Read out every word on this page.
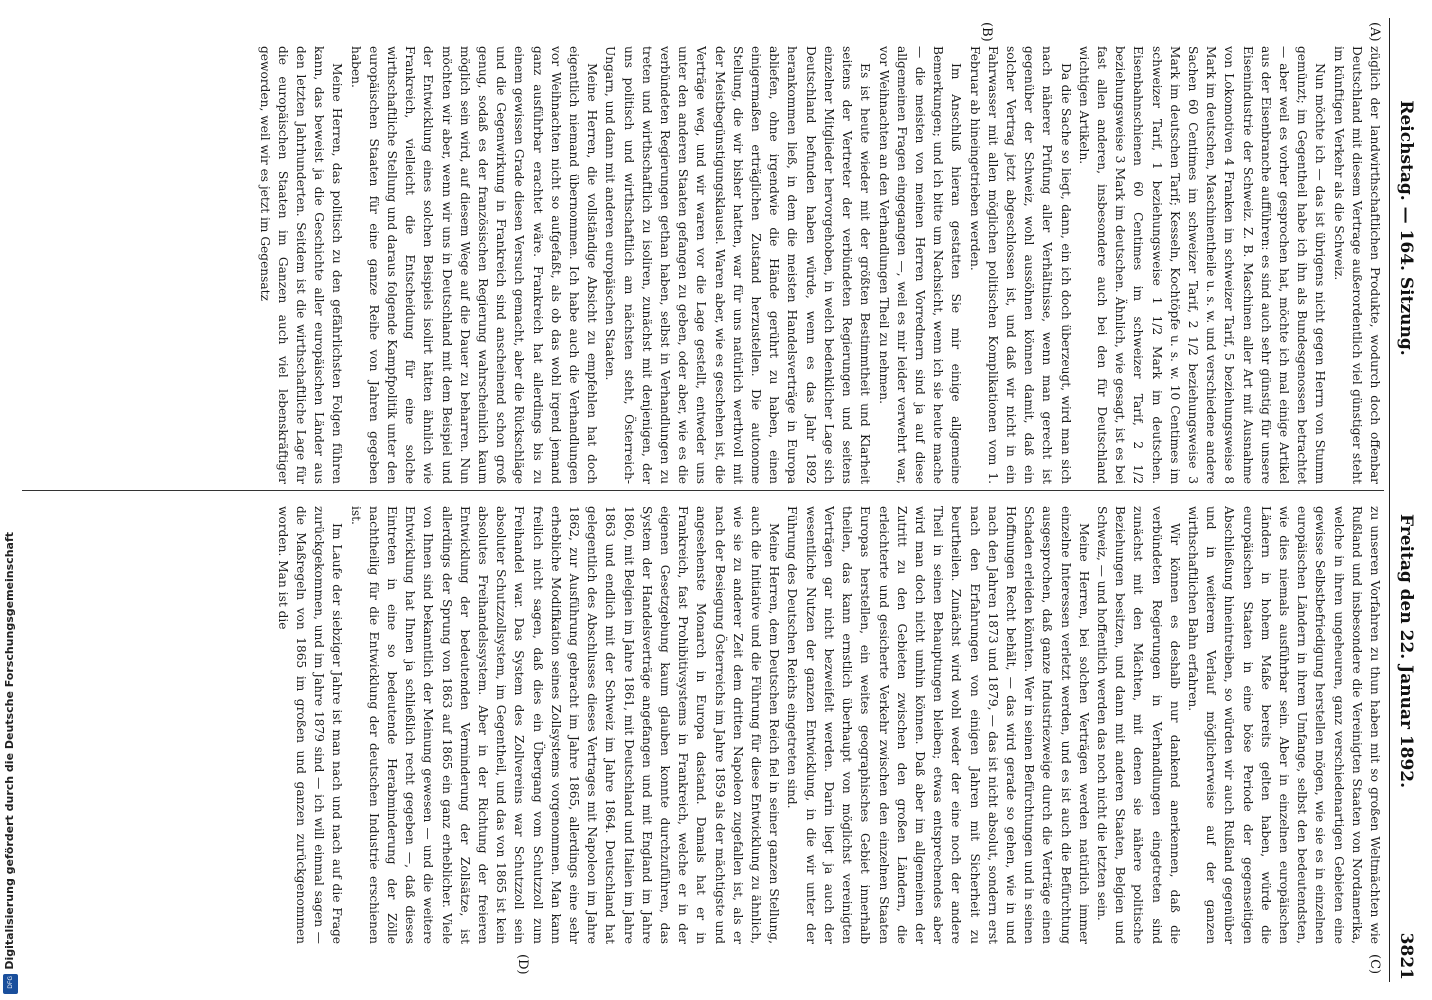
Reichstag. — 164. Sitzung.
Freitag den 22. Januar 1892.
3821
(A)
(B)
(C)
(D)

züglich der landwirthschaftlichen Produkte, wodurch doch offenbar Deutschland mit diesem Vertrage außerordentlich viel günstiger steht im künftigen Verkehr als die Schweiz.

Nun möchte ich — das ist übrigens nicht gegen Herrn von Stumm gemünzt; im Gegentheil habe ich ihn als Bundesgenossen betrachtet — aber weil es vorher gesprochen hat, möchte ich mal einige Artikel aus der Eisenbranche aufführen: es sind auch sehr günstig für unsere Eisenindustrie der Schweiz. Z. B. Maschinen aller Art mit Ausnahme von Lokomotiven 4 Franken im schweizer Tarif, 5 beziehungsweise 8 Mark im deutschen, Maschinentheile u. s. w. und verschiedene andere Sachen 60 Centimes im schweizer Tarif, 2 1/2 beziehungsweise 3 Mark im deutschen Tarif; Kesseln, Kochtöpfe u. s. w. 10 Centimes im schweizer Tarif, 1 beziehungsweise 1 1/2 Mark im deutschen. Eisenbahnschienen 60 Centimes im schweizer Tarif, 2 1/2 beziehungsweise 3 Mark im deutschen. Ähnlich, wie gesagt, ist es bei fast allen anderen, insbesondere auch bei den für Deutschland wichtigen Artikeln.

Da die Sache so liegt, dann, ein ich doch überzeugt, wird man sich nach näherer Prüfung aller Verhältnisse, wenn man gerecht ist gegenüber der Schweiz, wohl aussöhnen können damit, daß ein solcher Vertrag jetzt abgeschlossen ist, und daß wir nicht in ein Fahrwasser mit allen möglichen politischen Komplikationen vom 1. Februar ab hineingetrieben werden.

Im Anschluß hieran gestatten Sie mir einige allgemeine Bemerkungen; und ich bitte um Nachsicht, wenn ich sie heute mache — die meisten von meinen Herren Vorrednern sind ja auf diese allgemeinen Fragen eingegangen —, weil es mir leider verwehrt war, vor Weihnachten an den Verhandlungen Theil zu nehmen.

Es ist heute wieder mit der größten Bestimmtheit und Klarheit seitens der Vertreter der verbündeten Regierungen und seitens einzelner Mitglieder hervorgehoben, in welch bedenklicher Lage sich Deutschland befunden haben würde, wenn es das Jahr 1892 herankommen ließ, in dem die meisten Handelsverträge in Europa abliefen, ohne irgendwie die Hände gerührt zu haben, einen einigermaßen erträglichen Zustand herzustellen. Die autonome Stellung, die wir bisher hatten, war für uns natürlich werthvoll mit der Meistbegünstigungsklausel. Waren aber, wie es geschehen ist, die Verträge weg, und wir waren vor die Lage gestellt, entweder uns unter den anderen Staaten gefangen zu geben, oder aber, wie es die verbündeten Regierungen gethan haben, selbst in Verhandlungen zu treten und wirthschaftlich zu isoliren, zunächst mit denjenigen, der uns politisch und wirthschaftlich am nächsten steht, Österreich-Ungarn, und dann mit anderen europäischen Staaten.

Meine Herren, die vollständige Absicht zu empfehlen hat doch eigentlich niemand übernommen. Ich habe auch die Verhandlungen vor Weihnachten nicht so aufgefaßt, als ob das wohl irgend jemand ganz ausführbar erachtet wäre. Frankreich hat allerdings bis zu einem gewissen Grade diesen Versuch gemacht, aber die Rückschläge und die Gegenwirkung in Frankreich sind anscheinend schon groß genug, sodaß es der französischen Regierung wahrscheinlich kaum möglich sein wird, auf diesem Wege auf die Dauer zu beharren. Nun möchten wir aber, wenn wir uns in Deutschland mit dem Beispiel und der Entwicklung eines solchen Beispiels isolirt hätten ähnlich wie Frankreich, vielleicht die Entscheidung für eine solche wirthschaftliche Stellung und daraus folgende Kampfpolitik unter den europäischen Staaten für eine ganze Reihe von Jahren gegeben haben.

Meine Herren, das politisch zu den gefährlichsten Folgen führen kann, das beweist ja die Geschichte aller europäischen Länder aus den letzten Jahrhunderten. Seitdem ist die wirthschaftliche Lage für die europäischen Staaten im Ganzen auch viel lebenskräftiger geworden, weil wir es jetzt im Gegensatz

zu unseren Vorfahren zu thun haben mit so großen Weltmächten wie Rußland und insbesondere die Vereinigten Staaten von Nordamerika, welche in ihren ungeheuren, ganz verschiedenartigen Gebieten eine gewisse Selbstbefriedigung herstellen mögen, wie sie es in einzelnen europäischen Ländern in ihrem Umfange, selbst den bedeutendsten, wie dies niemals ausführbar sein. Aber in einzelnen europäischen Ländern in hohem Maße bereits gelten haben, würde die europäischen Staaten in eine böse Periode der gegenseitigen Abschließung hineintreiben, so würden wir auch Rußland gegenüber und in weiterem Verlauf möglicherweise auf der ganzen wirthschaftlichen Bahn erfahren.

Wir können es deshalb nur dankend anerkennen, daß die verbündeten Regierungen in Verhandlungen eingetreten sind zunächst mit den Mächten, mit denen sie nähere politische Beziehungen besitzen, und dann mit anderen Staaten, Belgien und Schweiz, — und hoffentlich werden das noch nicht die letzten sein.

Meine Herren, bei solchen Verträgen werden natürlich immer einzelne Interessen verletzt werden, und es ist auch die Befürchtung ausgesprochen, daß ganze Industriezweige durch die Verträge einen Schaden erleiden könnten. Wer in seinen Befürchtungen und in seinen Hoffnungen Recht behält, — das wird gerade so gehen, wie in und nach den Jahren 1873 und 1879, — das ist nicht absolut, sondern erst nach den Erfahrungen von einigen Jahren mit Sicherheit zu beurtheilen. Zunächst wird wohl weder der eine noch der andere Theil in seinen Behauptungen bleiben; etwas entsprechendes aber wird man doch nicht umhin können. Daß aber im allgemeinen der Zutritt zu den Gebieten zwischen den großen Ländern, die erleichterte und gesicherte Verkehr zwischen den einzelnen Staaten Europas herstellen, ein weites geographisches Gebiet innerhalb theilen, das kann ernstlich überhaupt von möglichst vereinigten Verträgen gar nicht bezweifelt werden. Darin liegt ja auch der wesentliche Nutzen der ganzen Entwicklung, in die wir unter der Führung des Deutschen Reichs eingetreten sind.

Meine Herren, dem Deutschen Reich fiel in seiner ganzen Stellung, auch die Initiative und die Führung für diese Entwicklung zu ähnlich, wie sie zu anderer Zeit dem dritten Napoleon zugefallen ist, als er nach der Besiegung Österreichs im Jahre 1859 als der mächtigste und angesehenste Monarch in Europa dastand. Damals hat er in Frankreich, fast Prohibitivsystems in Frankreich, welche er in der eigenen Gesetzgebung kaum glauben konnte durchzuführen, das System der Handelsverträge angefangen und mit England im Jahre 1860, mit Belgien im Jahre 1861, mit Deutschland und Italien im Jahre 1863 und endlich mit der Schweiz im Jahre 1864. Deutschland hat gelegentlich des Abschlusses dieses Vertrages mit Napoleon im Jahre 1862, zur Ausführung gebracht im Jahre 1865, allerdings eine sehr erhebliche Modifikation seines Zollsystems vorgenommen. Man kann freilich nicht sagen, daß dies ein Übergang vom Schutzzoll zum Freihandel war. Das System des Zollvereins war Schutzzoll sein absoluter Schutzzollsystem, im Gegentheil, und das von 1865 ist kein absolutes Freihandelssystem. Aber in der Richtung der freieren Entwicklung der bedeutenden Verminderung der Zollsätze, ist allerdings der Sprung von 1863 auf 1865 ein ganz erheblicher. Viele von Ihnen sind bekanntlich der Meinung gewesen — und die weitere Entwicklung hat Ihnen ja schließlich recht gegeben —, daß dieses Eintreten in eine so bedeutende Herabminderung der Zölle nachtheilig für die Entwicklung der deutschen Industrie erschienen ist.

Im Laufe der siebziger Jahre ist man nach und nach auf die Frage zurückgekommen, und im Jahre 1879 sind — ich will einmal sagen — die Maßregeln von 1865 im großen und ganzen zurückgenommen worden. Man ist die

Digitalisierung gefördert durch die Deutsche Forschungsgemeinschaft
DFG
